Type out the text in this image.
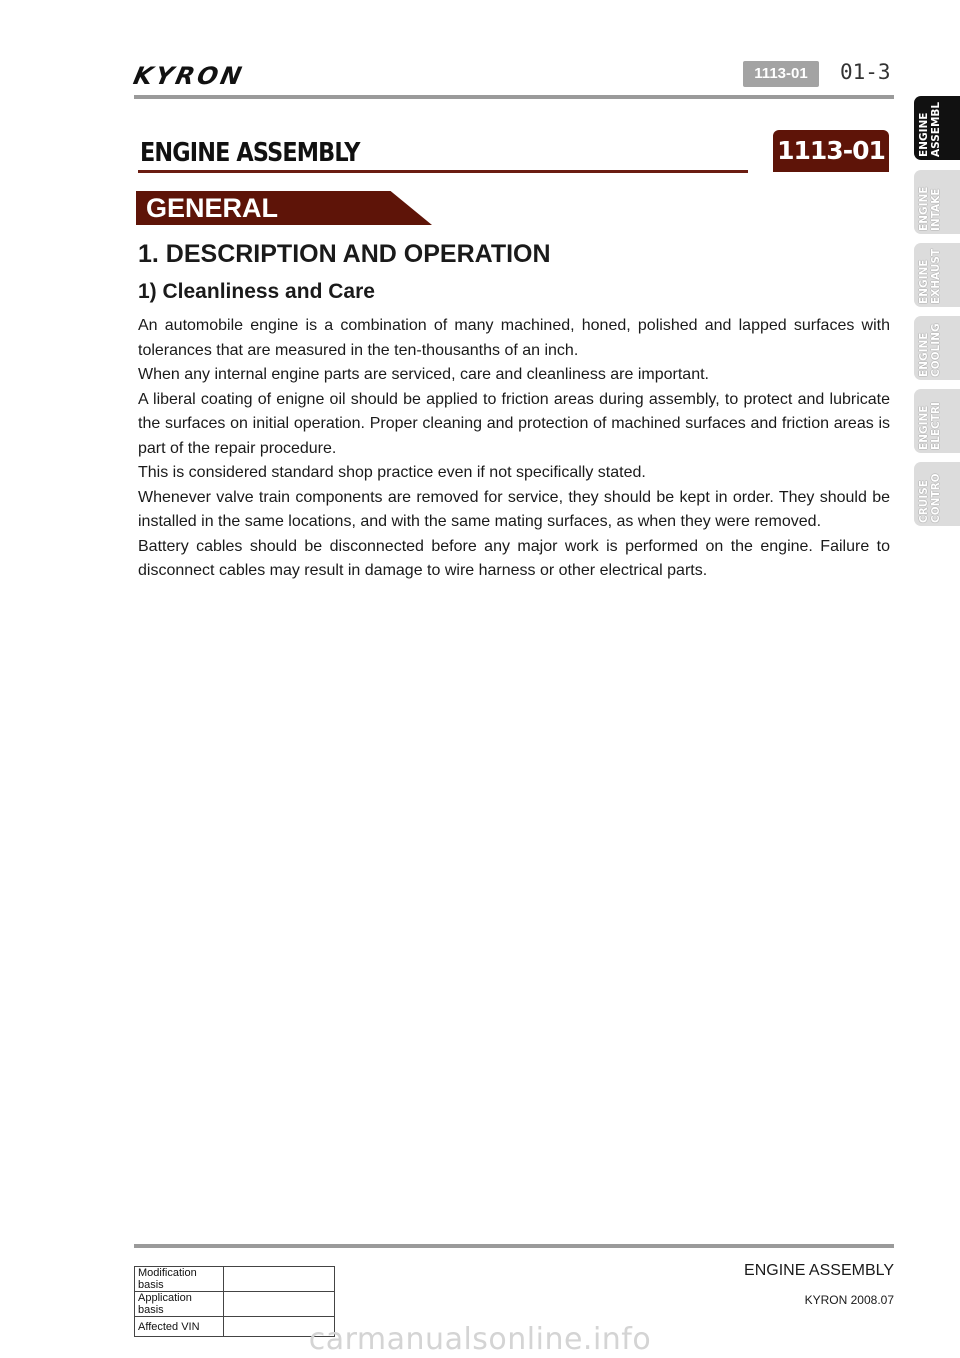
KYRON	1113-01	01-3
ENGINE ASSEMBLY	1113-01
GENERAL
1. DESCRIPTION AND OPERATION
1) Cleanliness and Care

An automobile engine is a combination of many machined, honed, polished and lapped surfaces with tolerances that are measured in the ten-thousanths of an inch.

When any internal engine parts are serviced, care and cleanliness are important.

A liberal coating of enigne oil should be applied to friction areas during assembly, to protect and lubricate the surfaces on initial operation. Proper cleaning and protection of machined surfaces and friction areas is part of the repair procedure.

This is considered standard shop practice even if not specifically stated.

Whenever valve train components are removed for service, they should be kept in order. They should be installed in the same locations, and with the same mating surfaces, as when they were removed.

Battery cables should be disconnected before any major work is performed on the engine. Failure to disconnect cables may result in damage to wire harness or other electrical parts.

ENGINE ASSEMBL
ENGINE INTAKE
ENGINE EXHAUST
ENGINE COOLING
ENGINE ELECTRI
CRUISE CONTRO
Modification basis	
Application basis	
Affected VIN	
ENGINE ASSEMBLY
KYRON 2008.07
carmanualsonline.info
